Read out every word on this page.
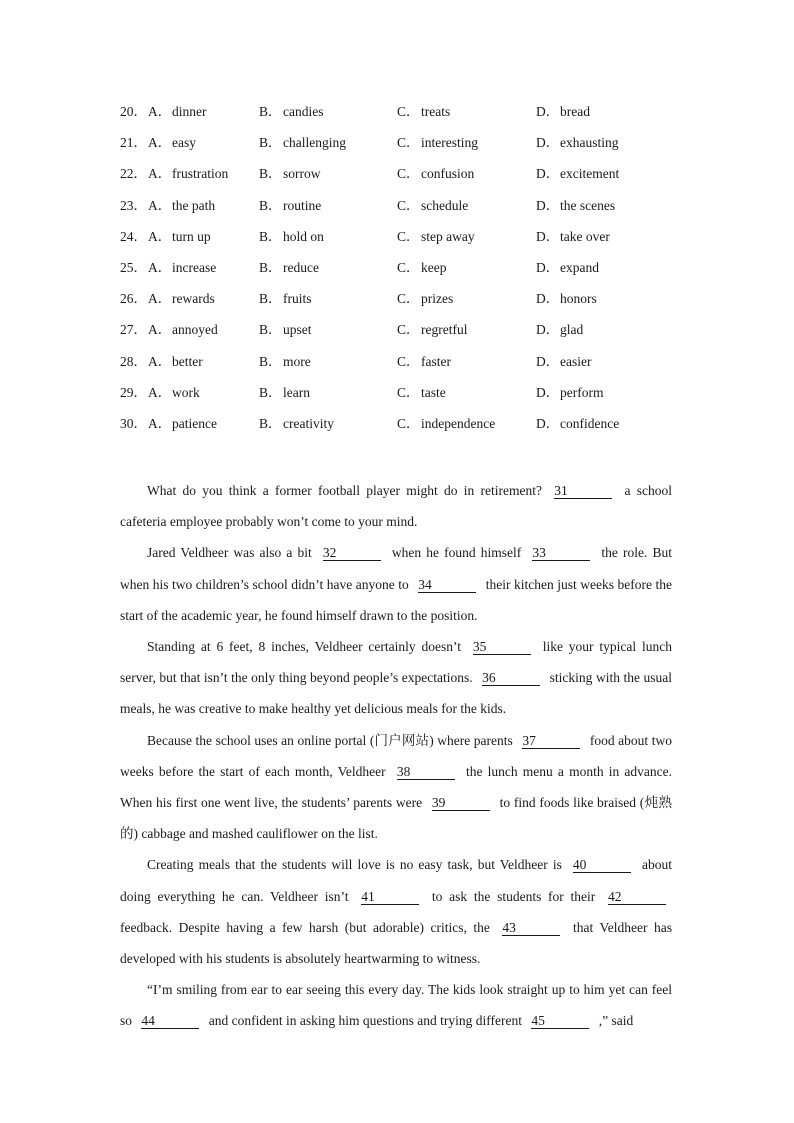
20． A．dinner	B．candies	C．treats	D．bread
21． A．easy	B．challenging	C．interesting	D．exhausting
22． A．frustration B．sorrow	C．confusion	D．excitement
23． A．the path	B．routine	C．schedule	D．the scenes
24． A．turn up	B．hold on	C．step away	D．take over
25． A．increase	B．reduce	C．keep	D．expand
26． A．rewards	B．fruits	C．prizes	D．honors
27． A．annoyed	B．upset	C．regretful	D．glad
28． A．better	B．more	C．faster	D．easier
29． A．work	B．learn	C．taste	D．perform
30． A．patience	B．creativity	C．independence	D．confidence

What do you think a former football player might do in retirement? 31	a school cafeteria employee probably won’t come to your mind.

Jared Veldheer was also a bit 32	when he found himself 33	the role. But when his two children’s school didn’t have anyone to 34	their kitchen just weeks before the start of the academic year, he found himself drawn to the position.

Standing at 6 feet, 8 inches, Veldheer certainly doesn’t 35	like your typical lunch server, but that isn’t the only thing beyond people’s expectations. 36	sticking with the usual meals, he was creative to make healthy yet delicious meals for the kids.

Because the school uses an online portal (门户网站) where parents 37	food about two weeks before the start of each month, Veldheer 38	the lunch menu a month in advance. When his first one went live, the students’ parents were 39	to find foods like braised (炖熟的) cabbage and mashed cauliflower on the list.

Creating meals that the students will love is no easy task, but Veldheer is 40	about doing everything he can. Veldheer isn’t 41	to ask the students for their 42 feedback. Despite having a few harsh (but adorable) critics, the 43	that Veldheer has developed with his students is absolutely heartwarming to witness.

“I’m smiling from ear to ear seeing this every day. The kids look straight up to him yet can feel so 44	and confident in asking him questions and trying different 45	,” said
